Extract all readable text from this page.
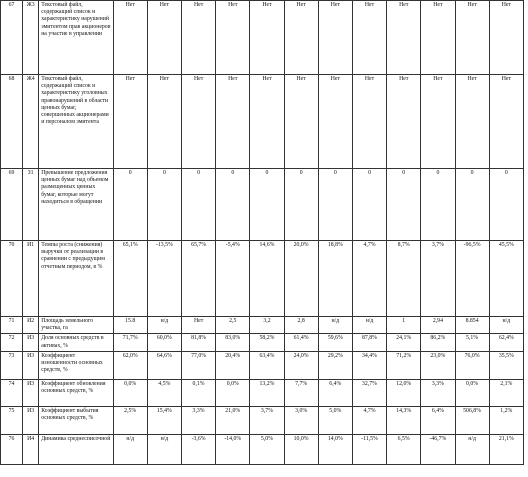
67	Ж3	Текстовый файл, содержащий список и характеристику нарушений эмитентом прав акционеров на участие в управлении	Нет	Нет	Нет	Нет	Нет	Нет	Нет	Нет	Нет	Нет	Нет	Нет
68	Ж4	Текстовый файл, содержащий список и характеристику уголовных правонарушений в области ценных бумаг, совершенных акционерами и персоналом эмитента	Нет	Нет	Нет	Нет	Нет	Нет	Нет	Нет	Нет	Нет	Нет	Нет
69	З1	Превышение предложения ценных бумаг над объемом размещенных ценных бумаг, которые могут находиться в обращении	0	0	0	0	0	0	0	0	0	0	0	0
70	И1	Темпы роста (снижения) выручки от реализации в сравнении с предыдущим отчетным периодом, в %	65,1%	-13,5%	65,7%	-5,4%	14,6%	20,0%	18,8%	4,7%	8,7%	3,7%	-96,5%	45,5%
71	И2	Площадь земельного участка, га	15.8	н/д	Нет	2,5	3,2	2,8	н/д	н/д	1	2,94	8.854	н/д
72	И3	Доля основных средств в активах, %	71,7%	60,0%	81,8%	83,0%	58,2%	61,4%	59,6%	87,8%	24,1%	86,2%	5,1%	62,4%
73	И3	Коэффициент изношенности основных средств, %	62,0%	64,6%	77,0%	20,4%	63,4%	24,0%	29,2%	34,4%	71,2%	23,0%	76,0%	35,5%
74	И3	Коэффициент обновления основных средств, %	0,0%	4,5%	0,1%	0,0%	13,2%	7,7%	6,4%	32,7%	12,0%	3,3%	0,0%	2,1%
75	И3	Коэффициент выбытия основных средств, %	2,5%	15,4%	3,3%	21,0%	3,7%	3,0%	5,0%	4,7%	14,3%	6,4%	506,8%	1,2%
76	И4	Динамика среднесписочной	н/д	н/д	-3,6%	-14,0%	5,0%	10,0%	14,0%	-11,5%	6,5%	-46,7%	н/д	21,1%
